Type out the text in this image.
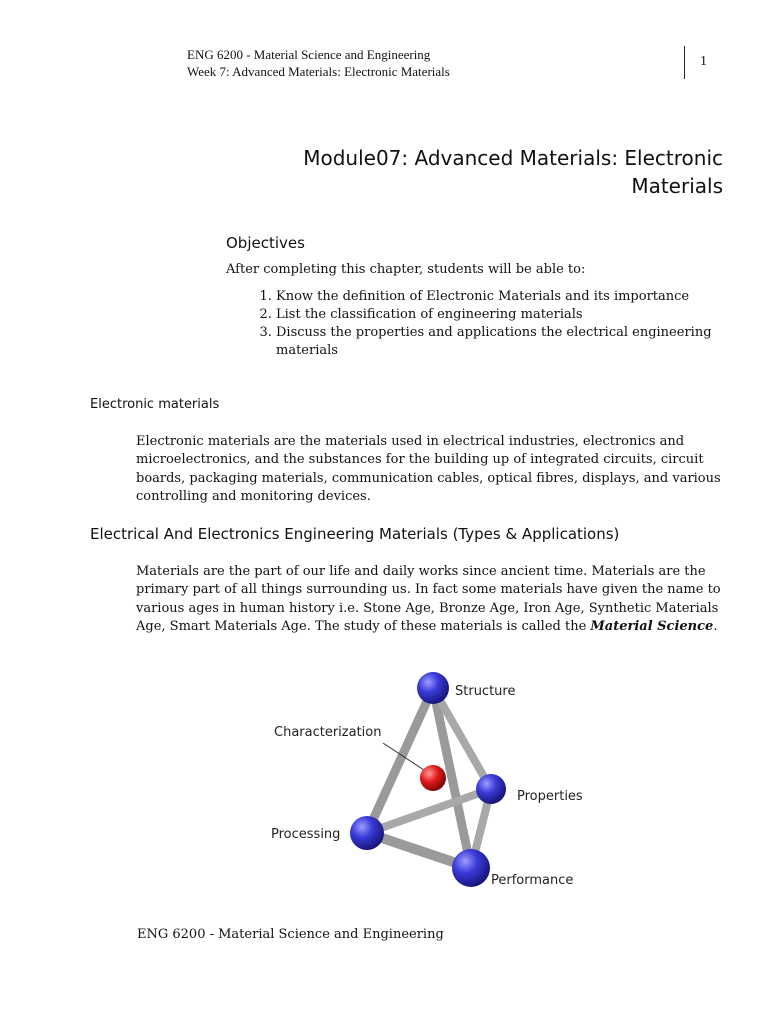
ENG 6200 - Material Science and Engineering

Week 7: Advanced Materials: Electronic Materials

1
Module07: Advanced Materials: Electronic
Materials
Objectives

After completing this chapter, students will be able to:

1. Know the definition of Electronic Materials and its importance
2. List the classification of engineering materials
3. Discuss the properties and applications the electrical engineering materials
Electronic materials

Electronic materials are the materials used in electrical industries, electronics and microelectronics, and the substances for the building up of integrated circuits, circuit boards, packaging materials, communication cables, optical fibres, displays, and various controlling and monitoring devices.

Electrical And Electronics Engineering Materials (Types & Applications)

Materials are the part of our life and daily works since ancient time. Materials are the primary part of all things surrounding us. In fact some materials have given the name to various ages in human history i.e. Stone Age, Bronze Age, Iron Age, Synthetic Materials Age, Smart Materials Age. The study of these materials is called the Material Science.

Structure
Characterization
Properties
Processing
Performance

ENG 6200 - Material Science and Engineering
